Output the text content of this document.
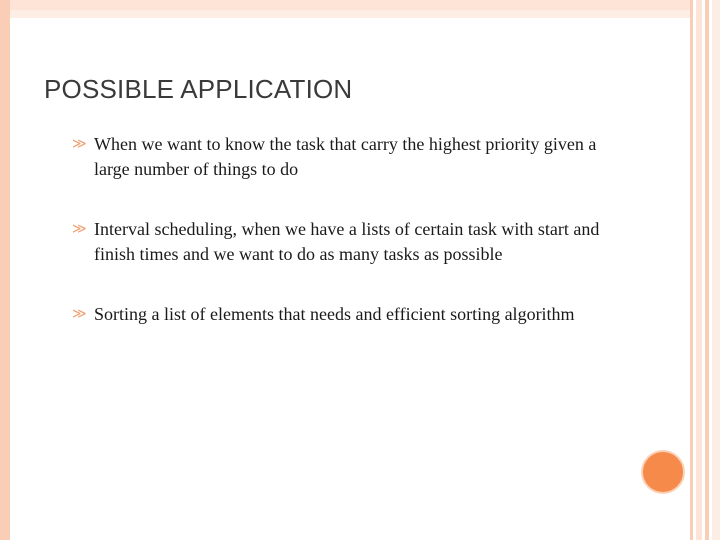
POSSIBLE APPLICATION
≫ When we want to know the task that carry the highest priority given a large number of things to do
≫ Interval scheduling, when we have a lists of certain task with start and finish times and we want to do as many tasks as possible
≫ Sorting a list of elements that needs and efficient sorting algorithm
